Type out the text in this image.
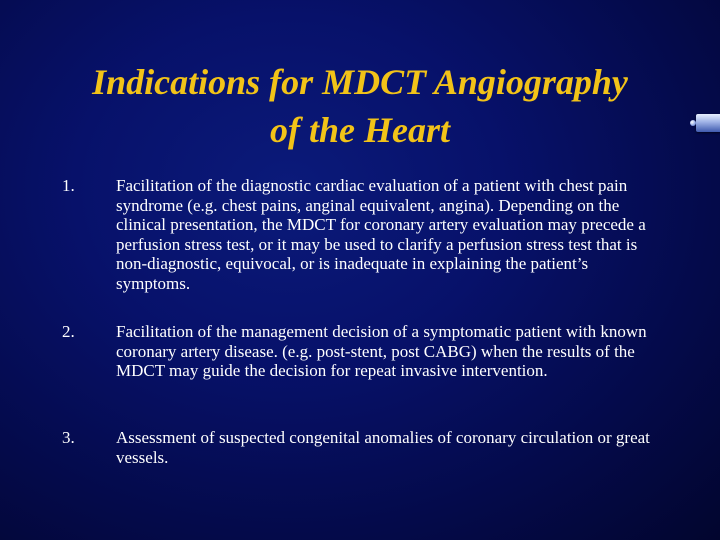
Indications for MDCT Angiography
of the Heart
1. Facilitation of the diagnostic cardiac evaluation of a patient with chest pain syndrome (e.g. chest pains, anginal equivalent, angina). Depending on the clinical presentation, the MDCT for coronary artery evaluation may precede a perfusion stress test, or it may be used to clarify a perfusion stress test that is non-diagnostic, equivocal, or is inadequate in explaining the patient’s symptoms.
2. Facilitation of the management decision of a symptomatic patient with known coronary artery disease. (e.g. post-stent, post CABG) when the results of the MDCT may guide the decision for repeat invasive intervention.
3. Assessment of suspected congenital anomalies of coronary circulation or great vessels.
